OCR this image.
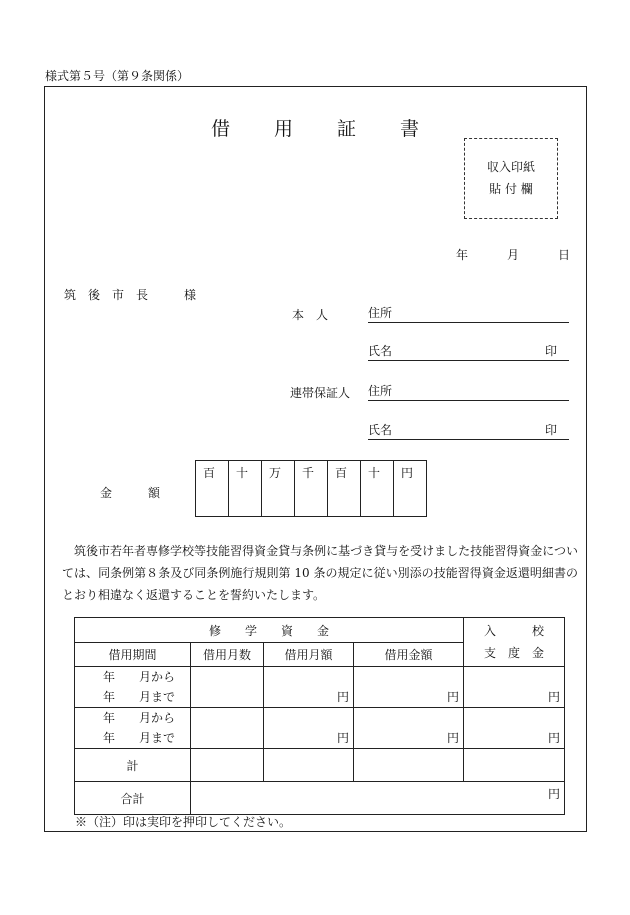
様式第５号（第９条関係）
借 用 証 書
収入印紙
貼 付 欄
年	月	日
筑後市長　様
本　人	住所
氏名	印
連帯保証人 住所
氏名	印
金　額
百	十	万	千	百	十	円

筑後市若年者専修学校等技能習得資金貸与条例に基づき貸与を受けました技能習得資金については、同条例第８条及び同条例施行規則第 10 条の規定に従い別添の技能習得資金返還明細書のとおり相違なく返還することを誓約いたします。

修　　学　　資　　金				入　　　校
支　度　金

借用期間	借用月数	借用月額	借用金額	

年　　月から
年　　月まで		円	円	円

年　　月から
年　　月まで		円	円	円
計				
合計	円			
※（注）印は実印を押印してください。
